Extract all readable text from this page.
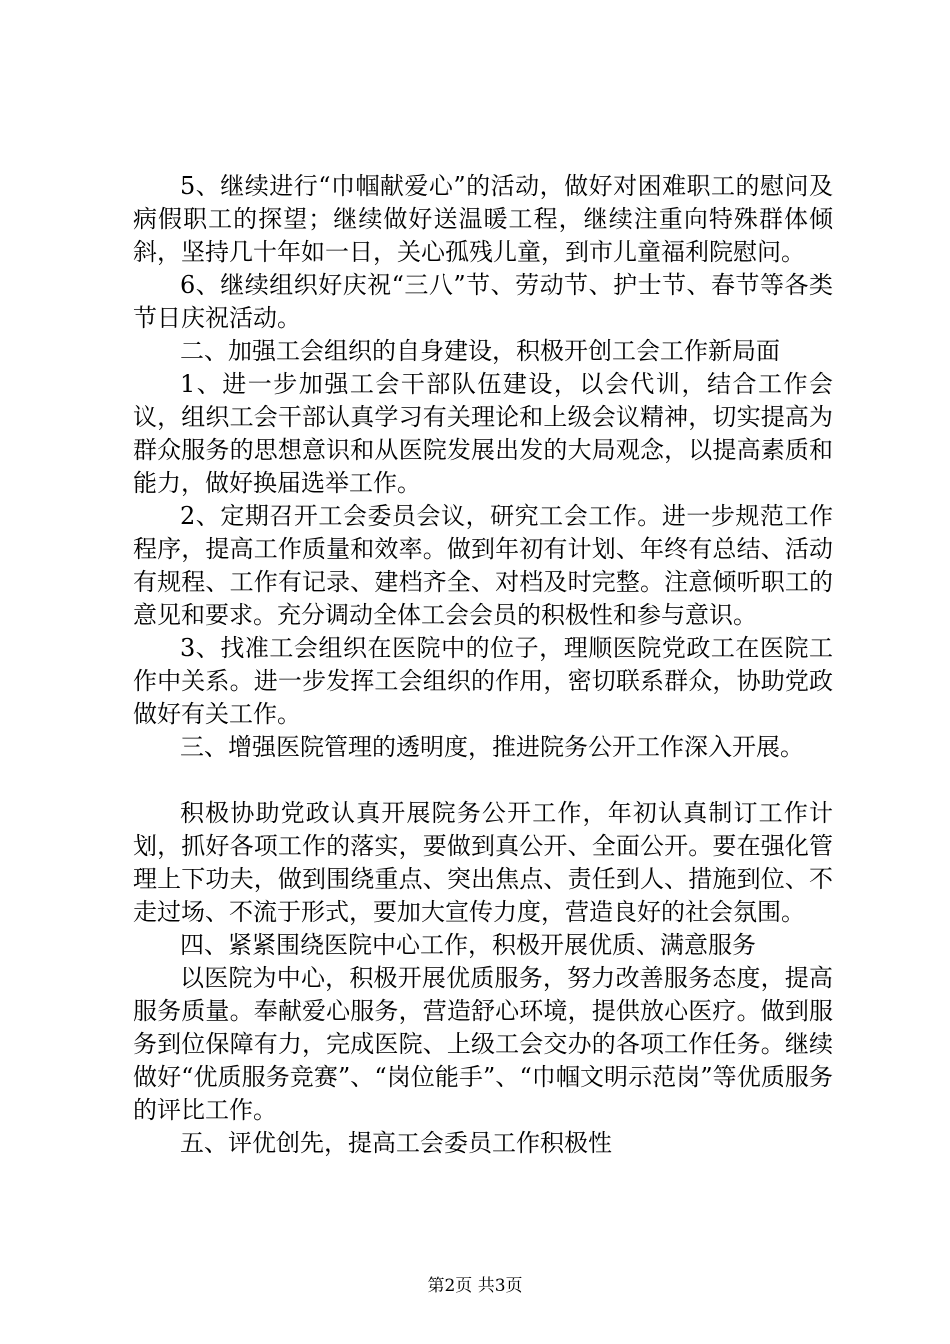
5、继续进行“巾帼献爱心”的活动，做好对困难职工的慰问及病假职工的探望；继续做好送温暖工程，继续注重向特殊群体倾斜，坚持几十年如一日，关心孤残儿童，到市儿童福利院慰问。

6、继续组织好庆祝“三八”节、劳动节、护士节、春节等各类节日庆祝活动。

二、加强工会组织的自身建设，积极开创工会工作新局面

1、进一步加强工会干部队伍建设，以会代训，结合工作会议，组织工会干部认真学习有关理论和上级会议精神，切实提高为群众服务的思想意识和从医院发展出发的大局观念，以提高素质和能力，做好换届选举工作。

2、定期召开工会委员会议，研究工会工作。进一步规范工作程序，提高工作质量和效率。做到年初有计划、年终有总结、活动有规程、工作有记录、建档齐全、对档及时完整。注意倾听职工的意见和要求。充分调动全体工会会员的积极性和参与意识。

3、找准工会组织在医院中的位子，理顺医院党政工在医院工作中关系。进一步发挥工会组织的作用，密切联系群众，协助党政做好有关工作。

三、增强医院管理的透明度，推进院务公开工作深入开展。

积极协助党政认真开展院务公开工作，年初认真制订工作计划，抓好各项工作的落实，要做到真公开、全面公开。要在强化管理上下功夫，做到围绕重点、突出焦点、责任到人、措施到位、不走过场、不流于形式，要加大宣传力度，营造良好的社会氛围。

四、紧紧围绕医院中心工作，积极开展优质、满意服务

以医院为中心，积极开展优质服务，努力改善服务态度，提高服务质量。奉献爱心服务，营造舒心环境，提供放心医疗。做到服务到位保障有力，完成医院、上级工会交办的各项工作任务。继续做好“优质服务竞赛”、“岗位能手”、“巾帼文明示范岗”等优质服务的评比工作。

五、评优创先，提高工会委员工作积极性

第2页 共3页
